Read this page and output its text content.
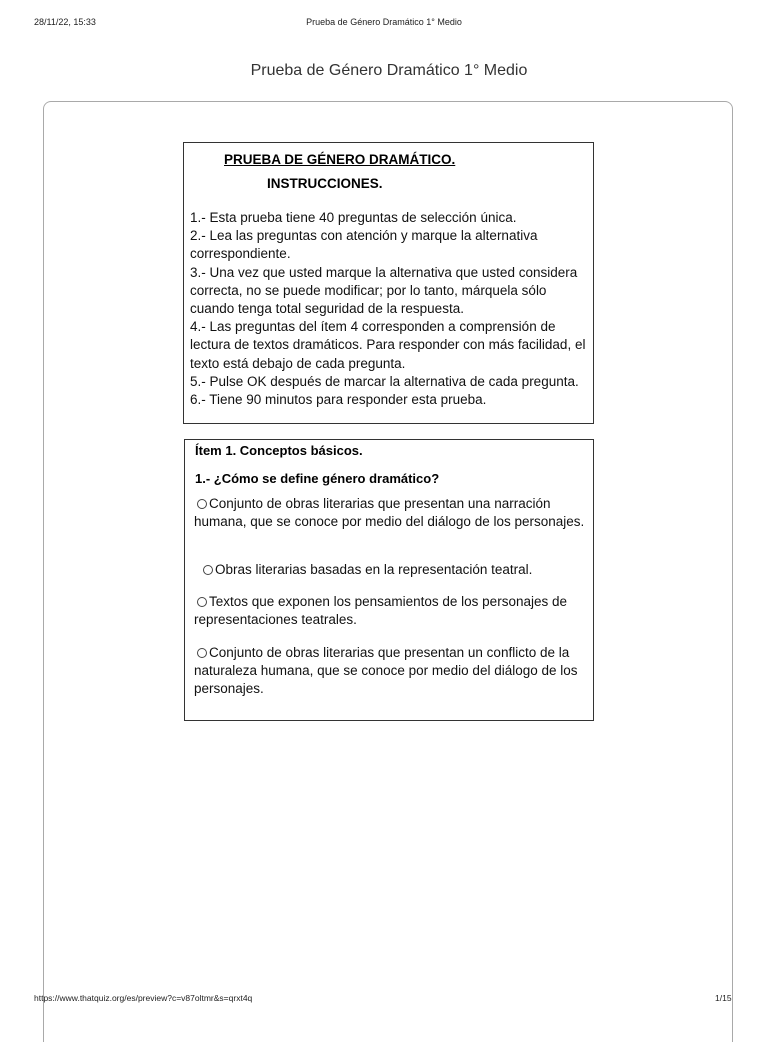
28/11/22, 15:33	Prueba de Género Dramático 1° Medio
Prueba de Género Dramático 1° Medio
PRUEBA DE GÉNERO DRAMÁTICO.
INSTRUCCIONES.
1.- Esta prueba tiene 40 preguntas de selección única.
2.- Lea las preguntas con atención y marque la alternativa correspondiente.
3.- Una vez que usted marque la alternativa que usted considera correcta, no se puede modificar; por lo tanto, márquela sólo cuando tenga total seguridad de la respuesta.
4.- Las preguntas del ítem 4 corresponden a comprensión de lectura de textos dramáticos. Para responder con más facilidad, el texto está debajo de cada pregunta.
5.- Pulse OK después de marcar la alternativa de cada pregunta.
6.- Tiene 90 minutos para responder esta prueba.
Ítem 1. Conceptos básicos.
1.- ¿Cómo se define género dramático?
Conjunto de obras literarias que presentan una narración humana, que se conoce por medio del diálogo de los personajes.
Obras literarias basadas en la representación teatral.
Textos que exponen los pensamientos de los personajes de representaciones teatrales.
Conjunto de obras literarias que presentan un conflicto de la naturaleza humana, que se conoce por medio del diálogo de los personajes.
https://www.thatquiz.org/es/preview?c=v87oltmr&s=qrxt4q	1/15
